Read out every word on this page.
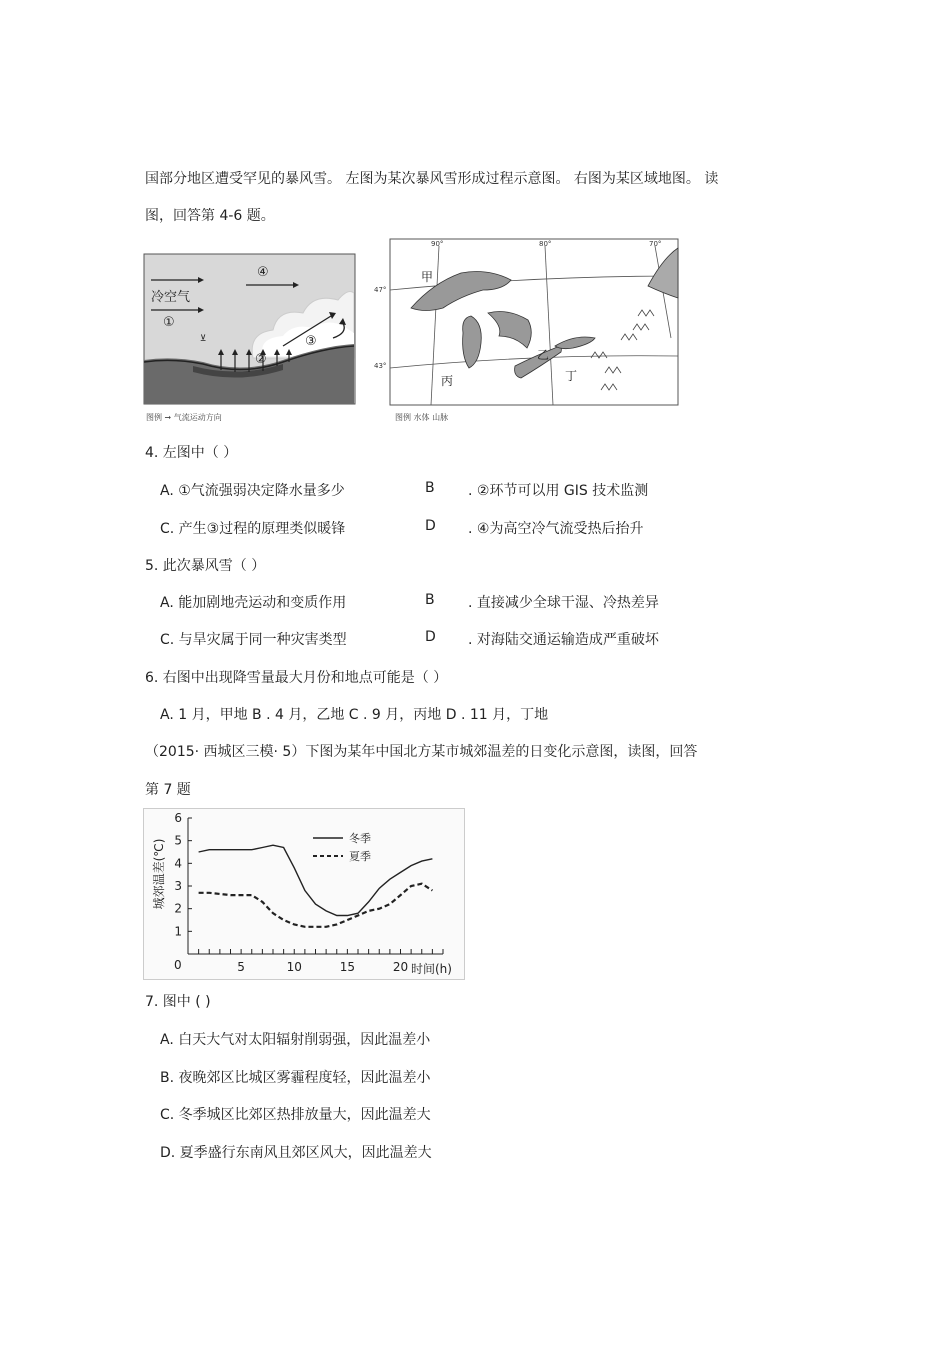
国部分地区遭受罕见的暴风雪。 左图为某次暴风雪形成过程示意图。 右图为某区域地图。 读
图，回答第 4-6 题。
⊻
冷空气
①
②
③
④
图例 ➞ 气流运动方向
90°	80°	70°
47°
43°
甲
乙
丙	丁
图例 水体 山脉
4. 左图中（ ）
A. ①气流强弱决定降水量多少	B . ②环节可以用 GIS 技术监测
C. 产生③过程的原理类似暖锋	D . ④为高空冷气流受热后抬升
5. 此次暴风雪（ ）
A. 能加剧地壳运动和变质作用	B . 直接减少全球干湿、冷热差异
C. 与旱灾属于同一种灾害类型	D . 对海陆交通运输造成严重破坏
6. 右图中出现降雪量最大月份和地点可能是（ ）
A. 1 月，甲地 B . 4 月，乙地 C . 9 月，丙地 D . 11 月，丁地
（2015· 西城区三模· 5）下图为某年中国北方某市城郊温差的日变化示意图，读图，回答
第 7 题
城郊温差(℃)
时间(h)
0
1
2
3
4
5
6
5	10	15	20
冬季
夏季
7. 图中 ( )
A. 白天大气对太阳辐射削弱强，因此温差小
B. 夜晚郊区比城区雾霾程度轻，因此温差小
C. 冬季城区比郊区热排放量大，因此温差大
D. 夏季盛行东南风且郊区风大，因此温差大
